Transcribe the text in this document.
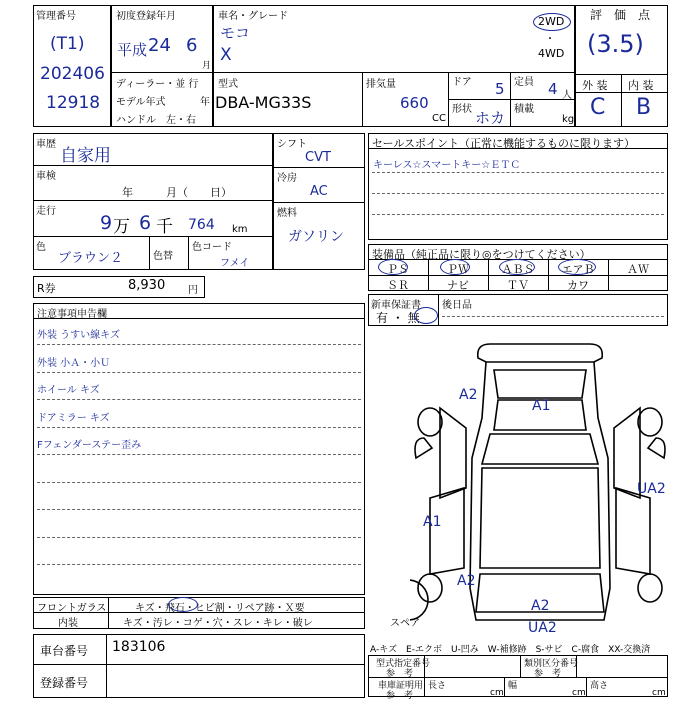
管理番号
(T1)
202406
12918
初度登録年月
平成 24 6
月
ディーラー・並 行
モデル年式	年
ハンドル　左・右
車名・グレード
モコ
X
2WD
・
4WD
型式
DBA-MG33S
排気量
660
CC
ドア 5 定員 4 人
形状 ホカ 積載
kg
評　価　点
(3.5)
外 装 内 装
C B
車歴
自家用
車検
年　　　月（　　日）
走行
9 万 6 千 764 km
色
ブラウン２	色替
色コード
フメイ
シフト
CVT
冷房
AC
燃料
ガソリン
セールスポイント（正常に機能するものに限ります）
キーレス☆スマートキー☆ＥＴＣ
装備品（純正品に限り◎をつけてください）
ＰＳ	ＰＷ	ＡＢＳ	エアＢ	ＡＷ
ＳＲ	ナビ	ＴＶ	カワ
R券	8,930 円
新車保証書
有 ・ 無
後日品
注意事項申告欄
外装 うすい線キズ
外装 小Ａ・小Ｕ
ホイール キズ
ドアミラー キズ
Fフェンダーステー歪み
A2
A1
UA2
A1
A2
A2
UA2
スペア
フロントガラス	キズ・飛石・ヒビ割・リペア跡・Ｘ要
内装	キズ・汚レ・コゲ・穴・スレ・キレ・破レ
車台番号 183106
登録番号
A-キズ　E-エクボ　U-凹み　W-補修跡　S-サビ　C-腐食　XX-交換済
型式指定番号
参　考
類別区分番号
参　考
車庫証明用
参　考
長さ
cm
幅
cm
高さ
cm
